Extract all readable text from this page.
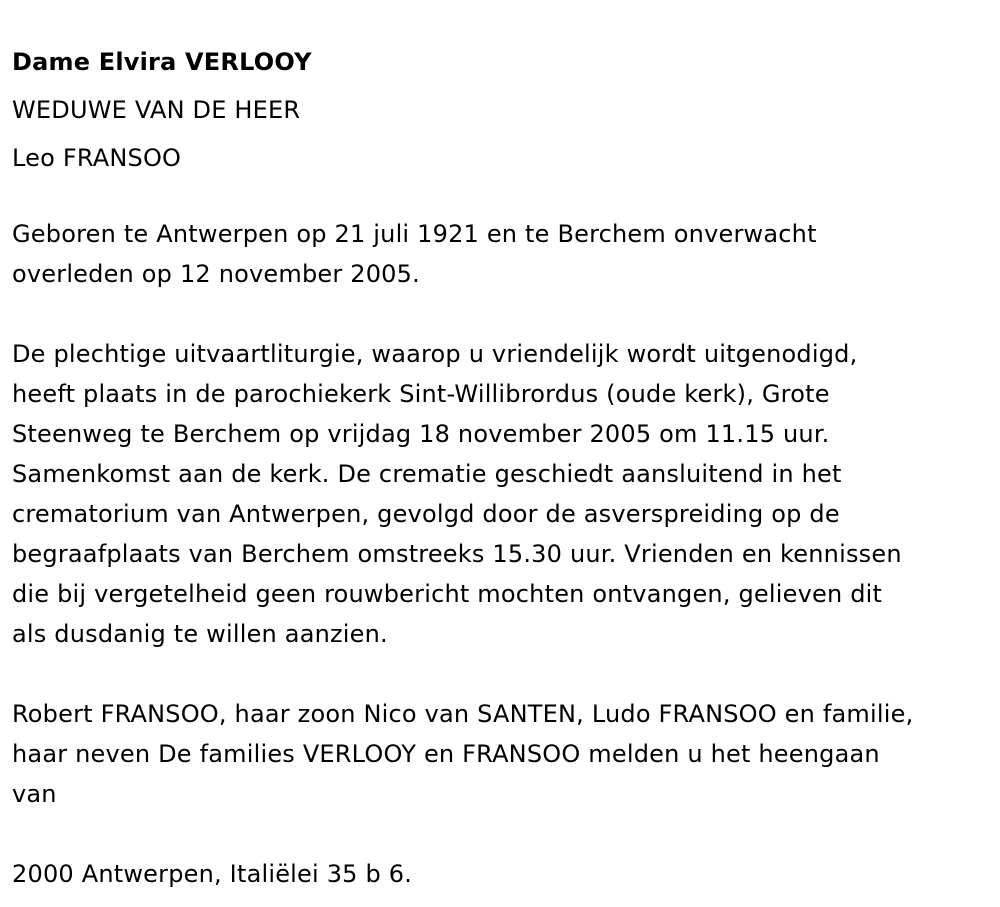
Dame Elvira VERLOOY
WEDUWE VAN DE HEER
Leo FRANSOO
Geboren te Antwerpen op 21 juli 1921 en te Berchem onverwacht
overleden op 12 november 2005.
De plechtige uitvaartliturgie, waarop u vriendelijk wordt uitgenodigd,
heeft plaats in de parochiekerk Sint-Willibrordus (oude kerk), Grote
Steenweg te Berchem op vrijdag 18 november 2005 om 11.15 uur.
Samenkomst aan de kerk. De crematie geschiedt aansluitend in het
crematorium van Antwerpen, gevolgd door de asverspreiding op de
begraafplaats van Berchem omstreeks 15.30 uur. Vrienden en kennissen
die bij vergetelheid geen rouwbericht mochten ontvangen, gelieven dit
als dusdanig te willen aanzien.
Robert FRANSOO, haar zoon Nico van SANTEN, Ludo FRANSOO en familie,
haar neven De families VERLOOY en FRANSOO melden u het heengaan
van
2000 Antwerpen, Italiëlei 35 b 6.
